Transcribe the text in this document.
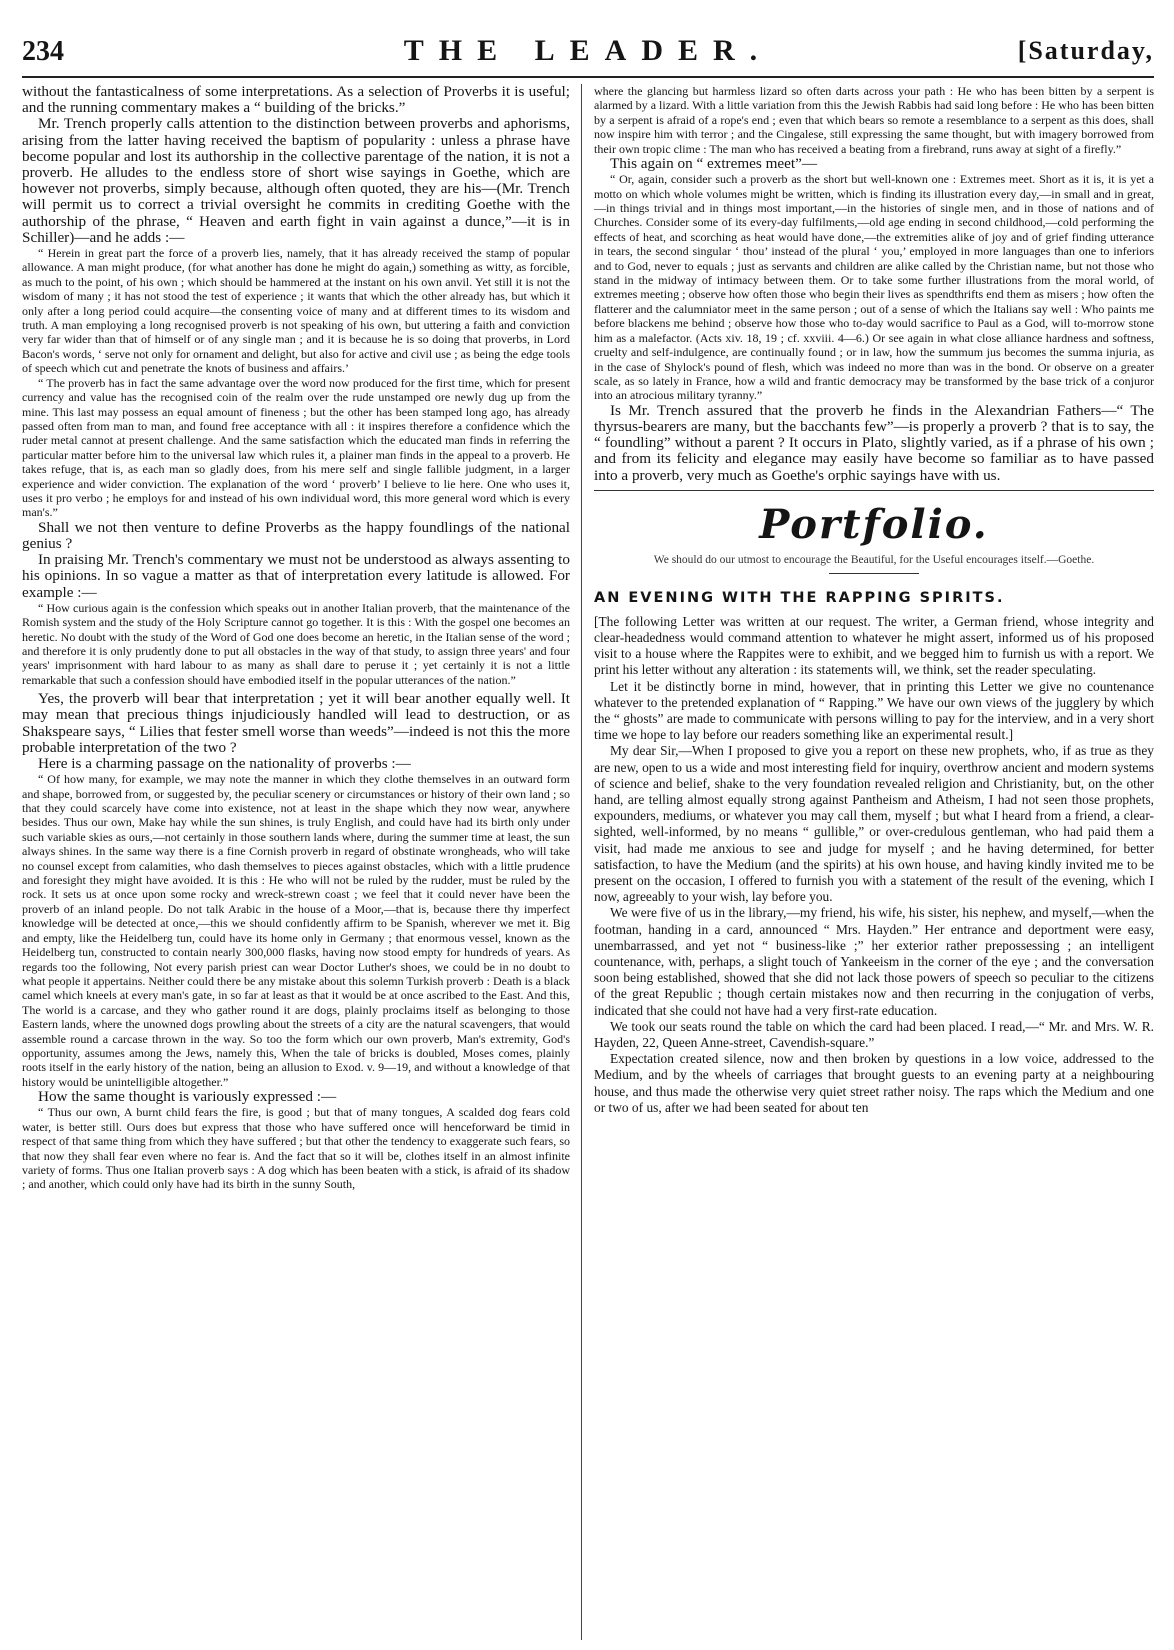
234	THE LEADER.	[Saturday,

without the fantasticalness of some interpretations. As a selection of Proverbs it is useful; and the running commentary makes a “ building of the bricks.”

Mr. Trench properly calls attention to the distinction between proverbs and aphorisms, arising from the latter having received the baptism of popularity : unless a phrase have become popular and lost its authorship in the collective parentage of the nation, it is not a proverb. He alludes to the endless store of short wise sayings in Goethe, which are however not proverbs, simply because, although often quoted, they are his—(Mr. Trench will permit us to correct a trivial oversight he commits in crediting Goethe with the authorship of the phrase, “ Heaven and earth fight in vain against a dunce,”—it is in Schiller)—and he adds :—

“ Herein in great part the force of a proverb lies, namely, that it has already received the stamp of popular allowance. A man might produce, (for what another has done he might do again,) something as witty, as forcible, as much to the point, of his own ; which should be hammered at the instant on his own anvil. Yet still it is not the wisdom of many ; it has not stood the test of experience ; it wants that which the other already has, but which it only after a long period could acquire—the consenting voice of many and at different times to its wisdom and truth. A man employing a long recognised proverb is not speaking of his own, but uttering a faith and conviction very far wider than that of himself or of any single man ; and it is because he is so doing that proverbs, in Lord Bacon's words, ‘ serve not only for ornament and delight, but also for active and civil use ; as being the edge tools of speech which cut and penetrate the knots of business and affairs.’

“ The proverb has in fact the same advantage over the word now produced for the first time, which for present currency and value has the recognised coin of the realm over the rude unstamped ore newly dug up from the mine. This last may possess an equal amount of fineness ; but the other has been stamped long ago, has already passed often from man to man, and found free acceptance with all : it inspires therefore a confidence which the ruder metal cannot at present challenge. And the same satisfaction which the educated man finds in referring the particular matter before him to the universal law which rules it, a plainer man finds in the appeal to a proverb. He takes refuge, that is, as each man so gladly does, from his mere self and single fallible judgment, in a larger experience and wider conviction. The explanation of the word ‘ proverb’ I believe to lie here. One who uses it, uses it pro verbo ; he employs for and instead of his own individual word, this more general word which is every man's.”

Shall we not then venture to define Proverbs as the happy foundlings of the national genius ?

In praising Mr. Trench's commentary we must not be understood as always assenting to his opinions. In so vague a matter as that of interpretation every latitude is allowed. For example :—

“ How curious again is the confession which speaks out in another Italian proverb, that the maintenance of the Romish system and the study of the Holy Scripture cannot go together. It is this : With the gospel one becomes an heretic. No doubt with the study of the Word of God one does become an heretic, in the Italian sense of the word ; and therefore it is only prudently done to put all obstacles in the way of that study, to assign three years' and four years' imprisonment with hard labour to as many as shall dare to peruse it ; yet certainly it is not a little remarkable that such a confession should have embodied itself in the popular utterances of the nation.”

Yes, the proverb will bear that interpretation ; yet it will bear another equally well. It may mean that precious things injudiciously handled will lead to destruction, or as Shakspeare says, “ Lilies that fester smell worse than weeds”—indeed is not this the more probable interpretation of the two ?

Here is a charming passage on the nationality of proverbs :—

“ Of how many, for example, we may note the manner in which they clothe themselves in an outward form and shape, borrowed from, or suggested by, the peculiar scenery or circumstances or history of their own land ; so that they could scarcely have come into existence, not at least in the shape which they now wear, anywhere besides. Thus our own, Make hay while the sun shines, is truly English, and could have had its birth only under such variable skies as ours,—not certainly in those southern lands where, during the summer time at least, the sun always shines. In the same way there is a fine Cornish proverb in regard of obstinate wrongheads, who will take no counsel except from calamities, who dash themselves to pieces against obstacles, which with a little prudence and foresight they might have avoided. It is this : He who will not be ruled by the rudder, must be ruled by the rock. It sets us at once upon some rocky and wreck-strewn coast ; we feel that it could never have been the proverb of an inland people. Do not talk Arabic in the house of a Moor,—that is, because there thy imperfect knowledge will be detected at once,—this we should confidently affirm to be Spanish, wherever we met it. Big and empty, like the Heidelberg tun, could have its home only in Germany ; that enormous vessel, known as the Heidelberg tun, constructed to contain nearly 300,000 flasks, having now stood empty for hundreds of years. As regards too the following, Not every parish priest can wear Doctor Luther's shoes, we could be in no doubt to what people it appertains. Neither could there be any mistake about this solemn Turkish proverb : Death is a black camel which kneels at every man's gate, in so far at least as that it would be at once ascribed to the East. And this, The world is a carcase, and they who gather round it are dogs, plainly proclaims itself as belonging to those Eastern lands, where the unowned dogs prowling about the streets of a city are the natural scavengers, that would assemble round a carcase thrown in the way. So too the form which our own proverb, Man's extremity, God's opportunity, assumes among the Jews, namely this, When the tale of bricks is doubled, Moses comes, plainly roots itself in the early history of the nation, being an allusion to Exod. v. 9—19, and without a knowledge of that history would be unintelligible altogether.”

How the same thought is variously expressed :—

“ Thus our own, A burnt child fears the fire, is good ; but that of many tongues, A scalded dog fears cold water, is better still. Ours does but express that those who have suffered once will henceforward be timid in respect of that same thing from which they have suffered ; but that other the tendency to exaggerate such fears, so that now they shall fear even where no fear is. And the fact that so it will be, clothes itself in an almost infinite variety of forms. Thus one Italian proverb says : A dog which has been beaten with a stick, is afraid of its shadow ; and another, which could only have had its birth in the sunny South,

where the glancing but harmless lizard so often darts across your path : He who has been bitten by a serpent is alarmed by a lizard. With a little variation from this the Jewish Rabbis had said long before : He who has been bitten by a serpent is afraid of a rope's end ; even that which bears so remote a resemblance to a serpent as this does, shall now inspire him with terror ; and the Cingalese, still expressing the same thought, but with imagery borrowed from their own tropic clime : The man who has received a beating from a firebrand, runs away at sight of a firefly.”

This again on “ extremes meet”—

“ Or, again, consider such a proverb as the short but well-known one : Extremes meet. Short as it is, it is yet a motto on which whole volumes might be written, which is finding its illustration every day,—in small and in great,—in things trivial and in things most important,—in the histories of single men, and in those of nations and of Churches. Consider some of its every-day fulfilments,—old age ending in second childhood,—cold performing the effects of heat, and scorching as heat would have done,—the extremities alike of joy and of grief finding utterance in tears, the second singular ‘ thou’ instead of the plural ‘ you,’ employed in more languages than one to inferiors and to God, never to equals ; just as servants and children are alike called by the Christian name, but not those who stand in the midway of intimacy between them. Or to take some further illustrations from the moral world, of extremes meeting ; observe how often those who begin their lives as spendthrifts end them as misers ; how often the flatterer and the calumniator meet in the same person ; out of a sense of which the Italians say well : Who paints me before blackens me behind ; observe how those who to-day would sacrifice to Paul as a God, will to-morrow stone him as a malefactor. (Acts xiv. 18, 19 ; cf. xxviii. 4—6.) Or see again in what close alliance hardness and softness, cruelty and self-indulgence, are continually found ; or in law, how the summum jus becomes the summa injuria, as in the case of Shylock's pound of flesh, which was indeed no more than was in the bond. Or observe on a greater scale, as so lately in France, how a wild and frantic democracy may be transformed by the base trick of a conjuror into an atrocious military tyranny.”

Is Mr. Trench assured that the proverb he finds in the Alexandrian Fathers—“ The thyrsus-bearers are many, but the bacchants few”—is properly a proverb ? that is to say, the “ foundling” without a parent ? It occurs in Plato, slightly varied, as if a phrase of his own ; and from its felicity and elegance may easily have become so familiar as to have passed into a proverb, very much as Goethe's orphic sayings have with us.

Portfolio.

We should do our utmost to encourage the Beautiful, for the Useful encourages itself.—Goethe.

AN EVENING WITH THE RAPPING SPIRITS.

[The following Letter was written at our request. The writer, a German friend, whose integrity and clear-headedness would command attention to whatever he might assert, informed us of his proposed visit to a house where the Rappites were to exhibit, and we begged him to furnish us with a report. We print his letter without any alteration : its statements will, we think, set the reader speculating.

Let it be distinctly borne in mind, however, that in printing this Letter we give no countenance whatever to the pretended explanation of “ Rapping.” We have our own views of the jugglery by which the “ ghosts” are made to communicate with persons willing to pay for the interview, and in a very short time we hope to lay before our readers something like an experimental result.]

My dear Sir,—When I proposed to give you a report on these new prophets, who, if as true as they are new, open to us a wide and most interesting field for inquiry, overthrow ancient and modern systems of science and belief, shake to the very foundation revealed religion and Christianity, but, on the other hand, are telling almost equally strong against Pantheism and Atheism, I had not seen those prophets, expounders, mediums, or whatever you may call them, myself ; but what I heard from a friend, a clear-sighted, well-informed, by no means “ gullible,” or over-credulous gentleman, who had paid them a visit, had made me anxious to see and judge for myself ; and he having determined, for better satisfaction, to have the Medium (and the spirits) at his own house, and having kindly invited me to be present on the occasion, I offered to furnish you with a statement of the result of the evening, which I now, agreeably to your wish, lay before you.

We were five of us in the library,—my friend, his wife, his sister, his nephew, and myself,—when the footman, handing in a card, announced “ Mrs. Hayden.” Her entrance and deportment were easy, unembarrassed, and yet not “ business-like ;” her exterior rather prepossessing ; an intelligent countenance, with, perhaps, a slight touch of Yankeeism in the corner of the eye ; and the conversation soon being established, showed that she did not lack those powers of speech so peculiar to the citizens of the great Republic ; though certain mistakes now and then recurring in the conjugation of verbs, indicated that she could not have had a very first-rate education.

We took our seats round the table on which the card had been placed. I read,—“ Mr. and Mrs. W. R. Hayden, 22, Queen Anne-street, Cavendish-square.”

Expectation created silence, now and then broken by questions in a low voice, addressed to the Medium, and by the wheels of carriages that brought guests to an evening party at a neighbouring house, and thus made the otherwise very quiet street rather noisy. The raps which the Medium and one or two of us, after we had been seated for about ten
